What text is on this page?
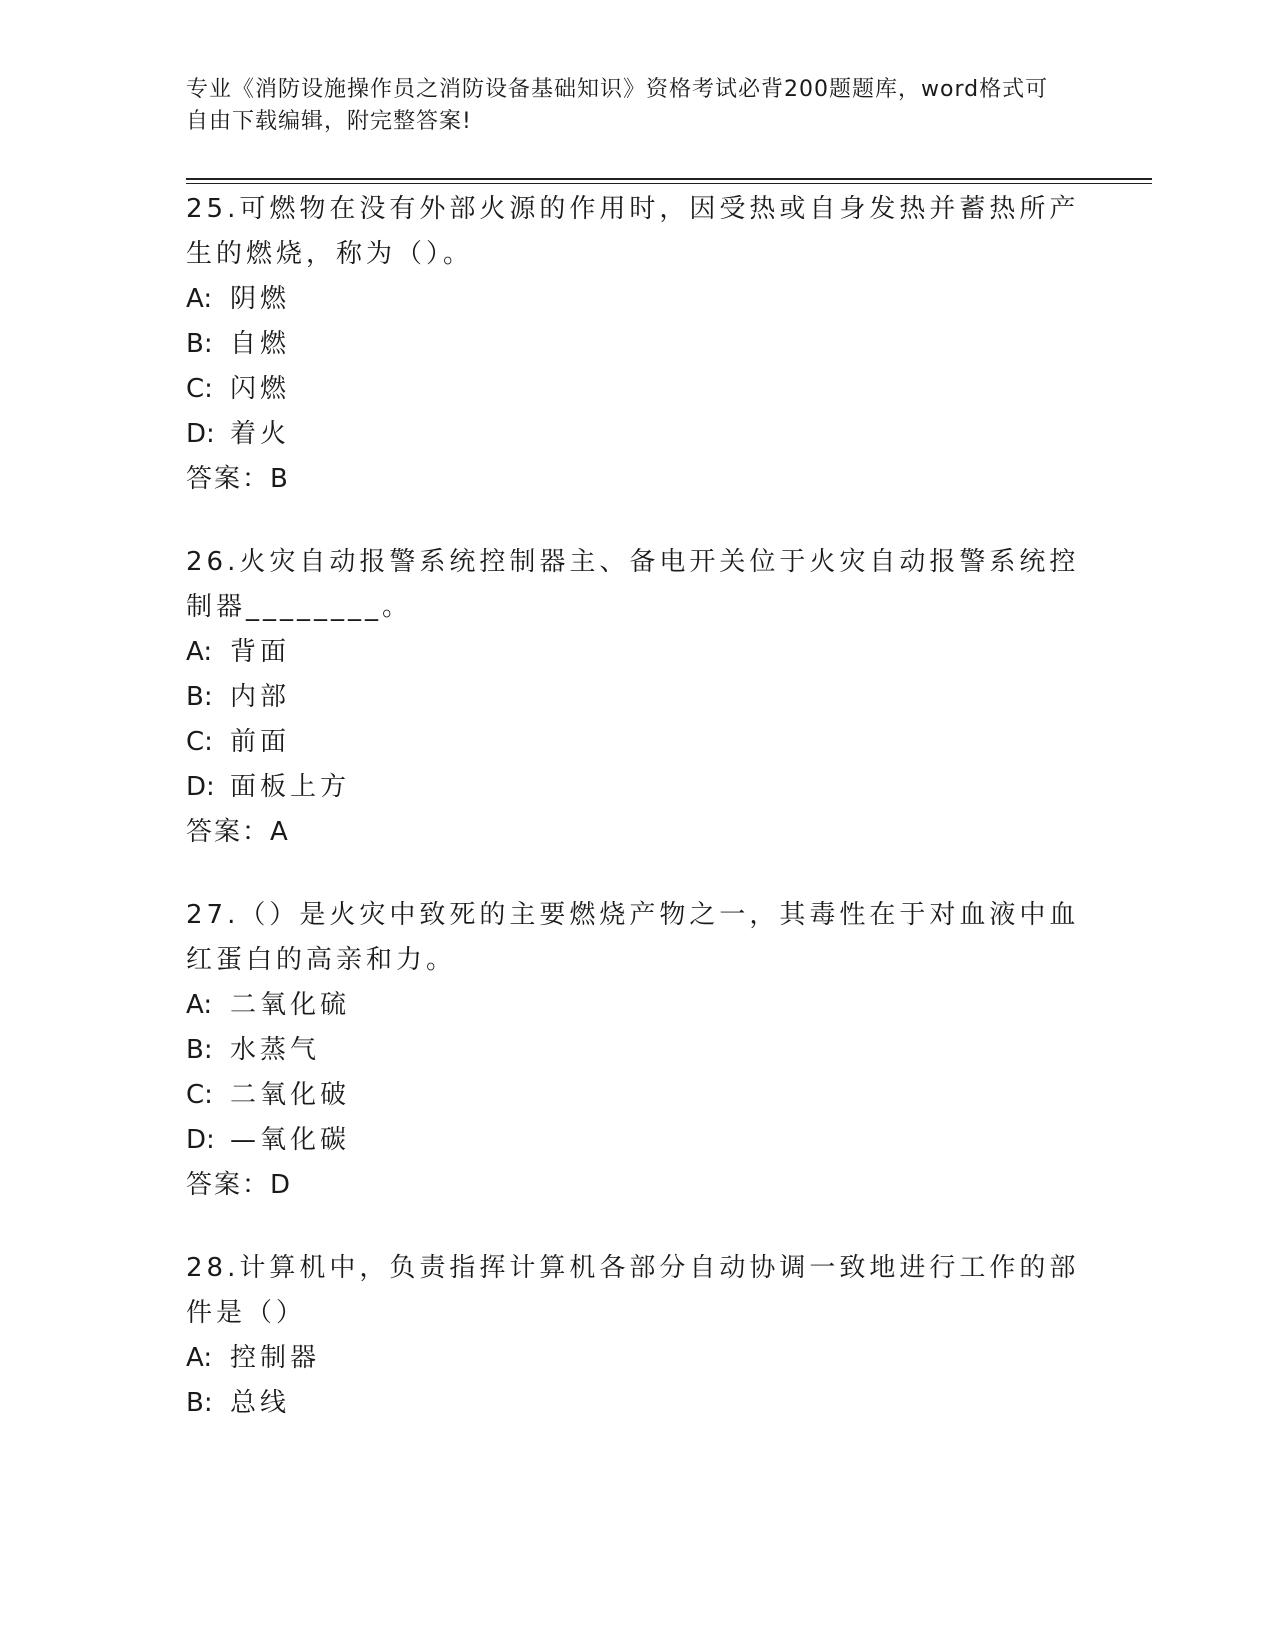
专业《消防设施操作员之消防设备基础知识》资格考试必背200题题库，word格式可自由下载编辑，附完整答案!

25.可燃物在没有外部火源的作用时，因受热或自身发热并蓄热所产生的燃烧，称为（）。

A: 阴燃
B: 自燃
C: 闪燃
D: 着火
答案：B

26.火灾自动报警系统控制器主、备电开关位于火灾自动报警系统控制器________。

A: 背面
B: 内部
C: 前面
D: 面板上方
答案：A

27.（）是火灾中致死的主要燃烧产物之一，其毒性在于对血液中血红蛋白的高亲和力。

A: 二氧化硫
B: 水蒸气
C: 二氧化破
D: —氧化碳
答案：D

28.计算机中，负责指挥计算机各部分自动协调一致地进行工作的部件是（）

A: 控制器
B: 总线
